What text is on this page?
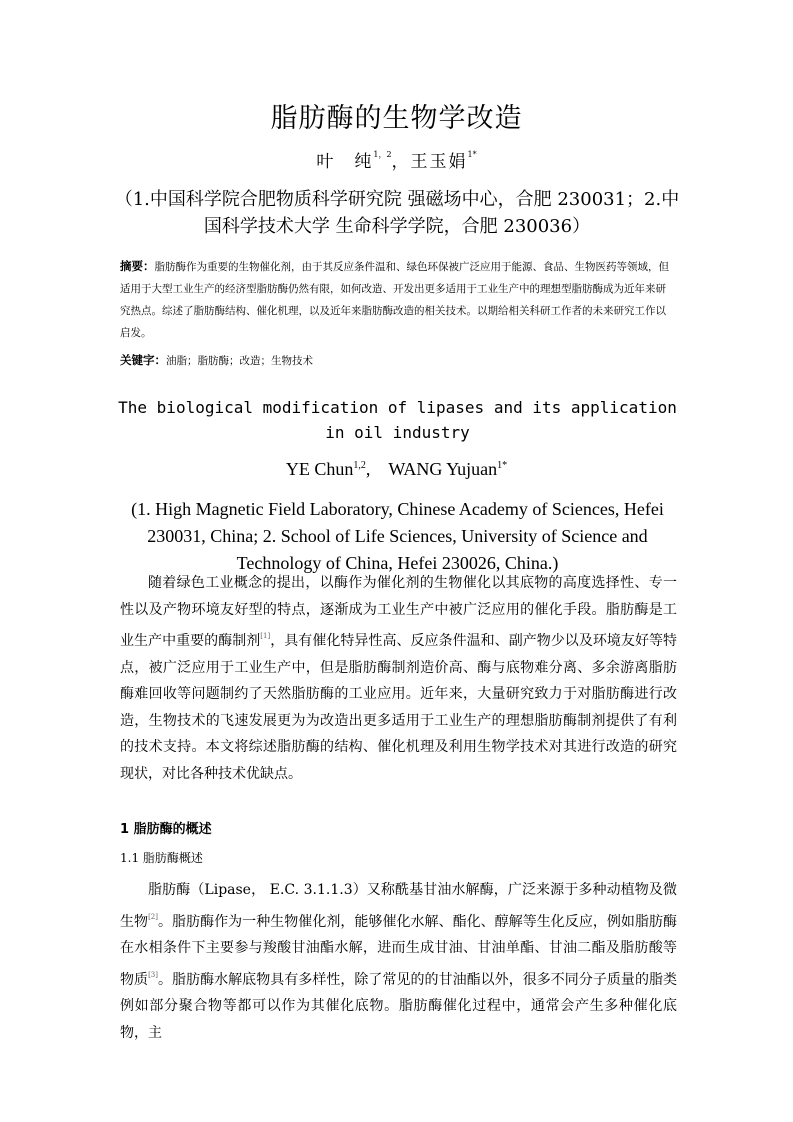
脂肪酶的生物学改造
叶　纯$^{1,2}$，王玉娟$^{1*}$
（1.中国科学院合肥物质科学研究院 强磁场中心，合肥 230031；2.中国科学技术大学 生命科学学院，合肥 230036）
摘要：脂肪酶作为重要的生物催化剂，由于其反应条件温和、绿色环保被广泛应用于能源、食品、生物医药等领域，但适用于大型工业生产的经济型脂肪酶仍然有限，如何改造、开发出更多适用于工业生产中的理想型脂肪酶成为近年来研究热点。综述了脂肪酶结构、催化机理，以及近年来脂肪酶改造的相关技术。以期给相关科研工作者的未来研究工作以启发。
关键字：油脂；脂肪酶；改造；生物技术
The biological modification of lipases and its application in oil industry
YE Chun$^{1,2}$,　WANG Yujuan$^{1*}$
(1. High Magnetic Field Laboratory, Chinese Academy of Sciences, Hefei 230031, China; 2. School of Life Sciences, University of Science and Technology of China, Hefei 230026, China.)
随着绿色工业概念的提出，以酶作为催化剂的生物催化以其底物的高度选择性、专一性以及产物环境友好型的特点，逐渐成为工业生产中被广泛应用的催化手段。脂肪酶是工业生产中重要的酶制剂[1]，具有催化特异性高、反应条件温和、副产物少以及环境友好等特点，被广泛应用于工业生产中，但是脂肪酶制剂造价高、酶与底物难分离、多余游离脂肪酶难回收等问题制约了天然脂肪酶的工业应用。近年来，大量研究致力于对脂肪酶进行改造，生物技术的飞速发展更为为改造出更多适用于工业生产的理想脂肪酶制剂提供了有利的技术支持。本文将综述脂肪酶的结构、催化机理及利用生物学技术对其进行改造的研究现状，对比各种技术优缺点。
1 脂肪酶的概述
1.1 脂肪酶概述
脂肪酶（Lipase， E.C. 3.1.1.3）又称酰基甘油水解酶，广泛来源于多种动植物及微生物[2]。脂肪酶作为一种生物催化剂，能够催化水解、酯化、醇解等生化反应，例如脂肪酶在水相条件下主要参与羧酸甘油酯水解，进而生成甘油、甘油单酯、甘油二酯及脂肪酸等物质[3]。脂肪酶水解底物具有多样性，除了常见的的甘油酯以外，很多不同分子质量的脂类例如部分聚合物等都可以作为其催化底物。脂肪酶催化过程中，通常会产生多种催化底物，主
